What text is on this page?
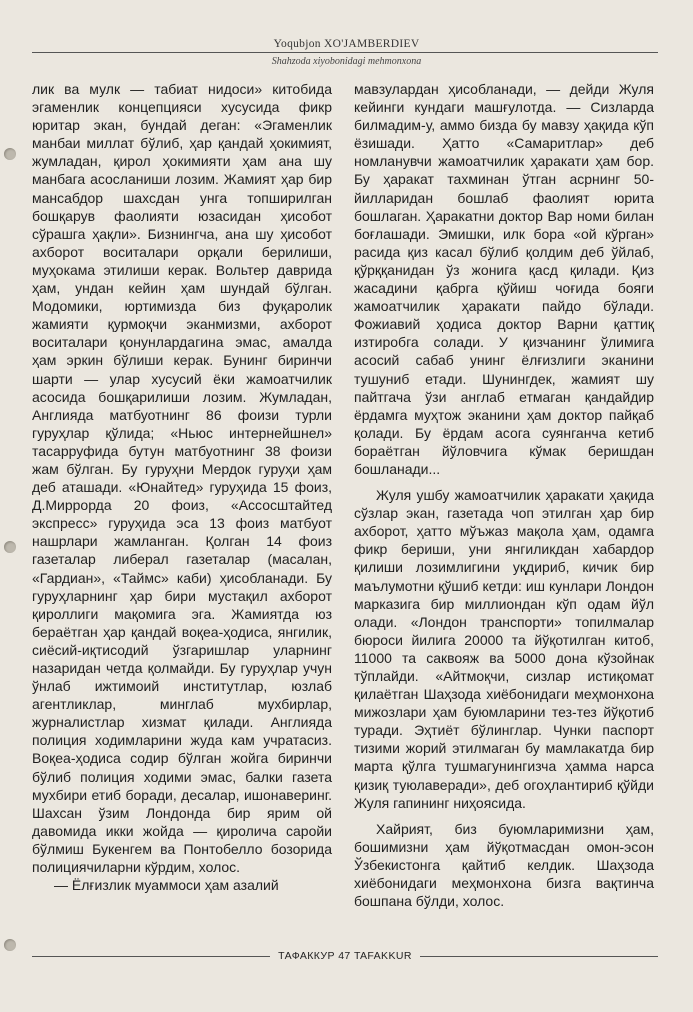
Yoqubjon XO'JAMBERDIEV
Shahzoda xiyobonidagi mehmonxona

лик ва мулк — табиат нидоси» китобида эгаменлик концепцияси хусусида фикр юритар экан, бундай деган: «Эгаменлик манбаи миллат бўлиб, ҳар қандай ҳокимият, жумладан, қирол ҳокимияти ҳам ана шу манбага асосланиши лозим. Жамият ҳар бир мансабдор шахсдан унга топширилган бошқарув фаолияти юзасидан ҳисобот сўрашга ҳақли». Бизнингча, ана шу ҳисобот ахборот воситалари орқали берилиши, муҳокама этилиши керак. Вольтер даврида ҳам, ундан кейин ҳам шундай бўлган. Модомики, юртимизда биз фуқаролик жамияти қурмоқчи эканмизми, ахборот воситалари қонунлардагина эмас, амалда ҳам эркин бўлиши керак. Бунинг биринчи шарти — улар хусусий ёки жамоатчилик асосида бошқарилиши лозим. Жумладан, Англияда матбуотнинг 86 фоизи турли гуруҳлар қўлида; «Ньюс интернейшнел» тасарруфида бутун матбуотнинг 38 фоизи жам бўлган. Бу гуруҳни Мердок гуруҳи ҳам деб аташади. «Юнайтед» гуруҳида 15 фоиз, Д.Миррорда 20 фоиз, «Ассосштайтед экспресс» гуруҳида эса 13 фоиз матбуот нашрлари жамланган. Қолган 14 фоиз газеталар либерал газеталар (масалан, «Гардиан», «Таймс» каби) ҳисобланади. Бу гуруҳларнинг ҳар бири мустақил ахборот қироллиги мақомига эга. Жамиятда юз бераётган ҳар қандай воқеа-ҳодиса, янгилик, сиёсий-иқтисодий ўзгаришлар уларнинг назаридан четда қолмайди. Бу гуруҳлар учун ўнлаб ижтимоий институтлар, юзлаб агентликлар, минглаб мухбирлар, журналистлар хизмат қилади. Англияда полиция ходимларини жуда кам учратасиз. Воқеа-ҳодиса содир бўлган жойга биринчи бўлиб полиция ходими эмас, балки газета мухбири етиб боради, десалар, ишонаверинг. Шахсан ўзим Лондонда бир ярим ой давомида икки жойда — қиролича саройи бўлмиш Букенгем ва Понтобелло бозорида полициячиларни кўрдим, холос.

— Ёлғизлик муаммоси ҳам азалий

мавзулардан ҳисобланади, — дейди Жуля кейинги кундаги машғулотда. — Сизларда билмадим-у, аммо бизда бу мавзу ҳақида кўп ёзишади. Ҳатто «Самаритлар» деб номланувчи жамоатчилик ҳаракати ҳам бор. Бу ҳаракат тахминан ўтган асрнинг 50-йилларидан бошлаб фаолият юрита бошлаган. Ҳаракатни доктор Вар номи билан боғлашади. Эмишки, илк бора «ой кўрган» расида қиз касал бўлиб қолдим деб ўйлаб, қўрққанидан ўз жонига қасд қилади. Қиз жасадини қабрга қўйиш чоғида бояги жамоатчилик ҳаракати пайдо бўлади. Фожиавий ҳодиса доктор Варни қаттиқ изтиробга солади. У қизчанинг ўлимига асосий сабаб унинг ёлғизлиги эканини тушуниб етади. Шунингдек, жамият шу пайтгача ўзи англаб етмаган қандайдир ёрдамга муҳтож эканини ҳам доктор пайқаб қолади. Бу ёрдам асога суянганча кетиб бораётган йўловчига кўмак беришдан бошланади...

Жуля ушбу жамоатчилик ҳаракати ҳақида сўзлар экан, газетада чоп этилган ҳар бир ахборот, ҳатто мўъжаз мақола ҳам, одамга фикр бериши, уни янгиликдан хабардор қилиши лозимлигини уқдириб, кичик бир маълумотни қўшиб кетди: иш кунлари Лондон марказига бир миллиондан кўп одам йўл олади. «Лондон транспорти» топилмалар бюроси йилига 20000 та йўқотилган китоб, 11000 та саквояж ва 5000 дона кўзойнак тўплайди. «Айтмоқчи, сизлар истиқомат қилаётган Шаҳзода хиёбонидаги меҳмонхона мижозлари ҳам буюмларини тез-тез йўқотиб туради. Эҳтиёт бўлинглар. Чунки паспорт тизими жорий этилмаган бу мамлакатда бир марта қўлга тушмагунингизча ҳамма нарса қизиқ туюлаверади», деб огоҳлантириб қўйди Жуля гапининг ниҳоясида.

Хайрият, биз буюмларимизни ҳам, бошимизни ҳам йўқотмасдан омон-эсон Ўзбекистонга қайтиб келдик. Шаҳзода хиёбонидаги меҳмонхона бизга вақтинча бошпана бўлди, холос.

ТАФАККУР 47 TAFAKKUR
